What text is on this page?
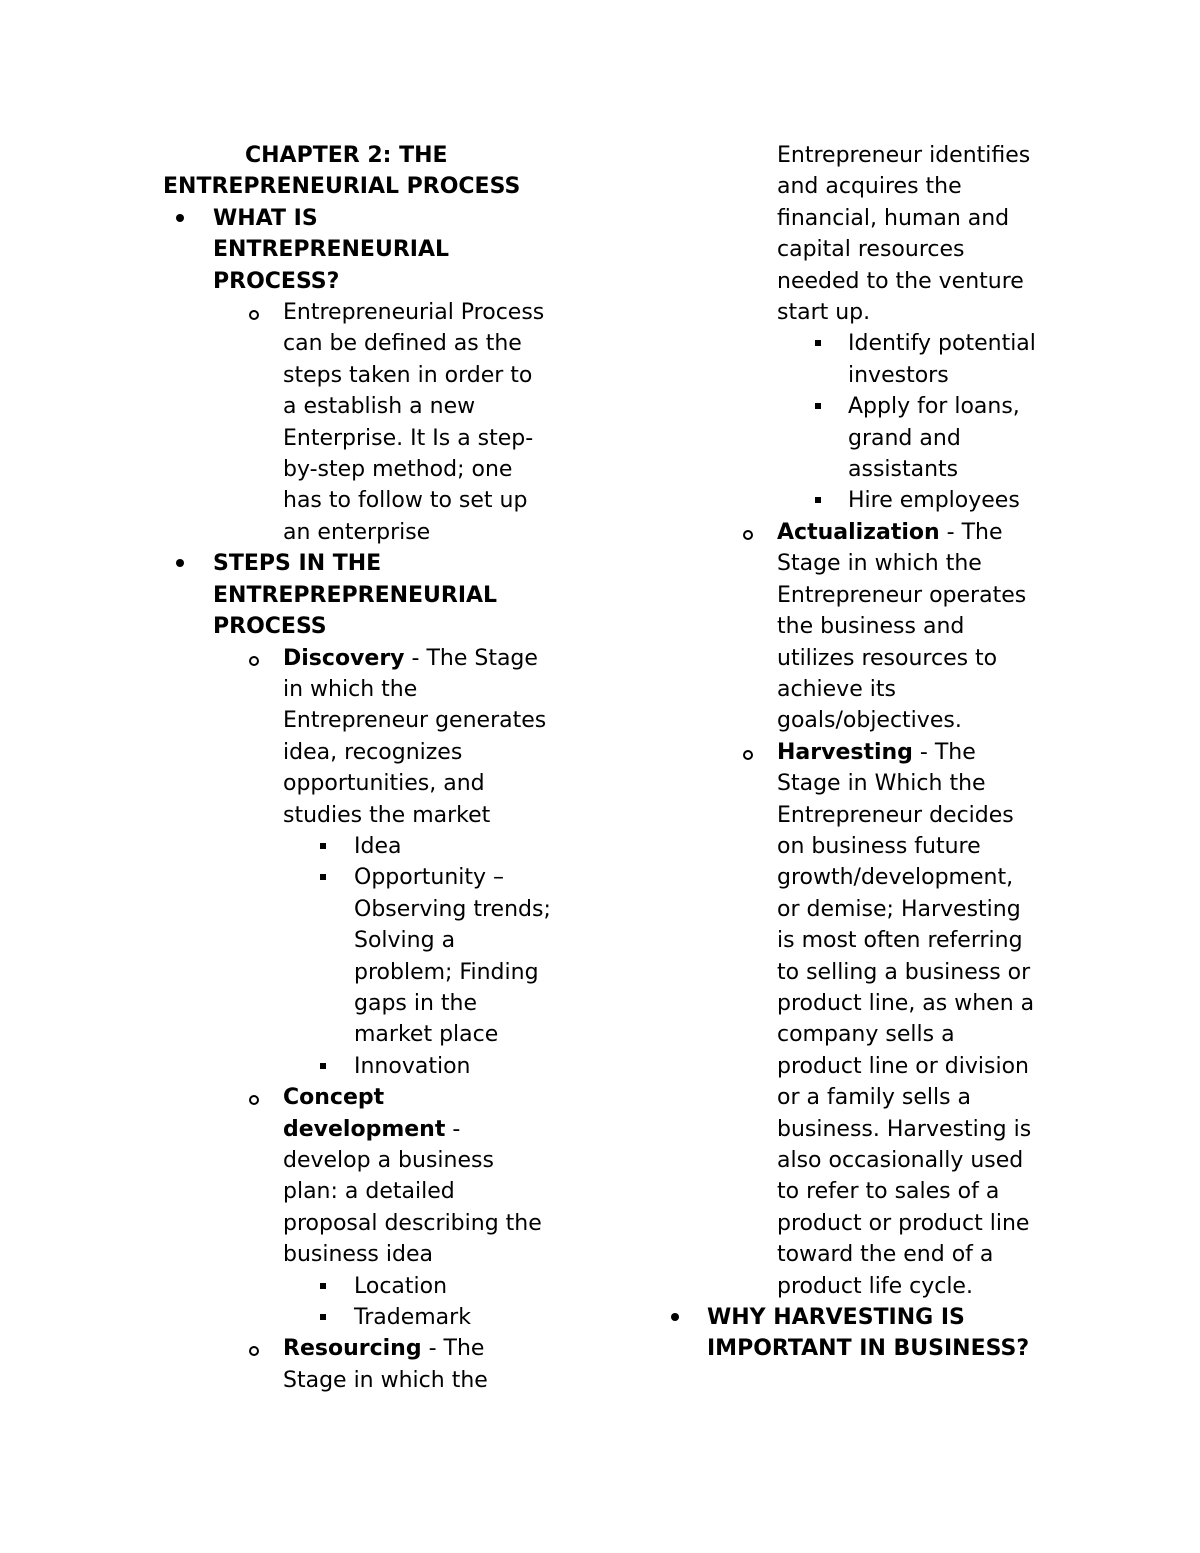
CHAPTER 2: THE
ENTREPRENEURIAL PROCESS
WHAT IS
ENTREPRENEURIAL
PROCESS?
Entrepreneurial Process
can be defined as the
steps taken in order to
a establish a new
Enterprise. It Is a step-
by-step method; one
has to follow to set up
an enterprise
STEPS IN THE
ENTREPREPRENEURIAL
PROCESS
Discovery - The Stage
in which the
Entrepreneur generates
idea, recognizes
opportunities, and
studies the market
Idea
Opportunity –
Observing trends;
Solving a
problem; Finding
gaps in the
market place
Innovation
Concept
development -
develop a business
plan: a detailed
proposal describing the
business idea
Location
Trademark
Resourcing - The
Stage in which the
Entrepreneur identifies
and acquires the
financial, human and
capital resources
needed to the venture
start up.
Identify potential
investors
Apply for loans,
grand and
assistants
Hire employees
Actualization - The
Stage in which the
Entrepreneur operates
the business and
utilizes resources to
achieve its
goals/objectives.
Harvesting - The
Stage in Which the
Entrepreneur decides
on business future
growth/development,
or demise; Harvesting
is most often referring
to selling a business or
product line, as when a
company sells a
product line or division
or a family sells a
business. Harvesting is
also occasionally used
to refer to sales of a
product or product line
toward the end of a
product life cycle.
WHY HARVESTING IS
IMPORTANT IN BUSINESS?
